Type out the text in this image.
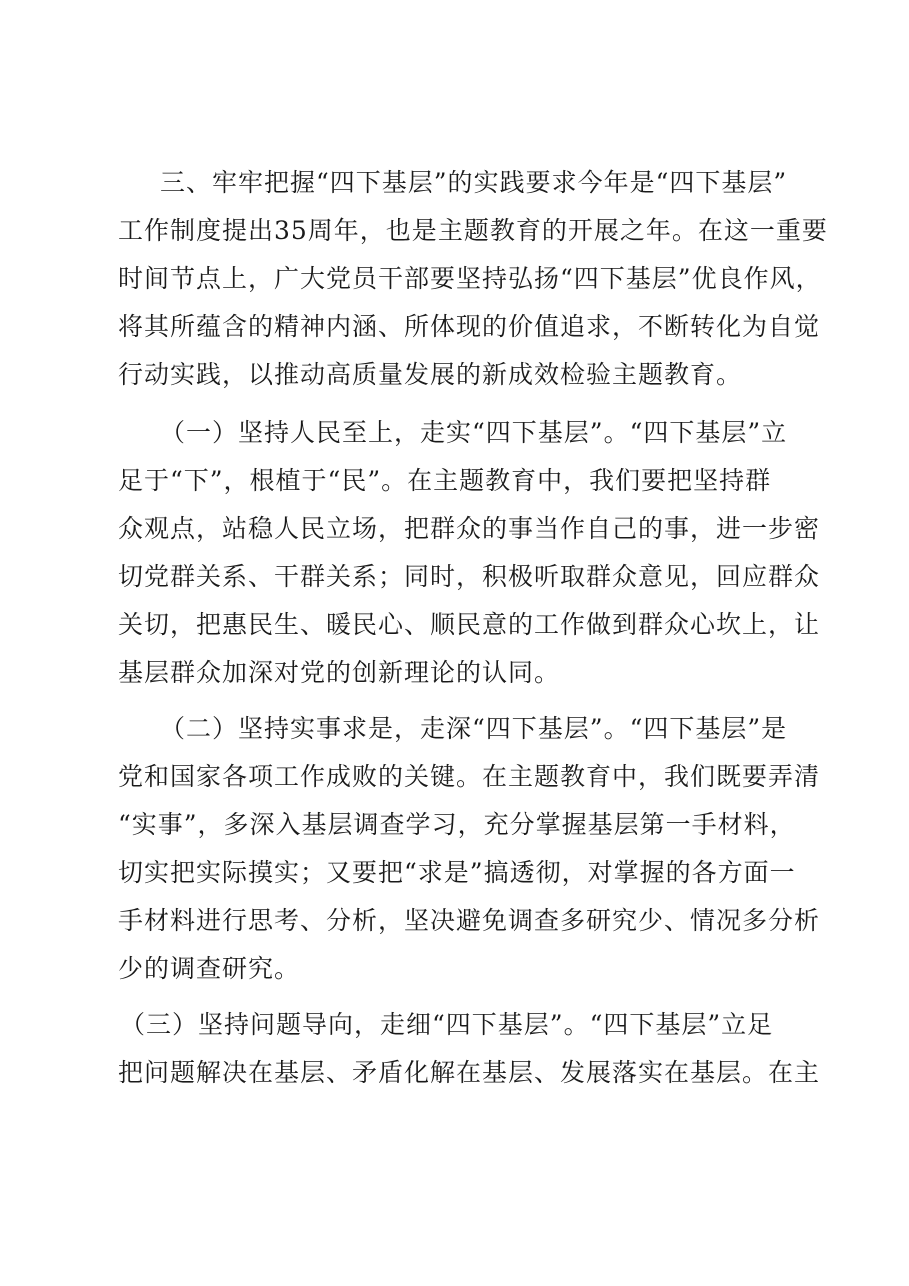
三、牢牢把握“四下基层”的实践要求今年是“四下基层”
工作制度提出35周年，也是主题教育的开展之年。在这一重要
时间节点上，广大党员干部要坚持弘扬“四下基层”优良作风，
将其所蕴含的精神内涵、所体现的价值追求，不断转化为自觉
行动实践，以推动高质量发展的新成效检验主题教育。
（一）坚持人民至上，走实“四下基层”。“四下基层”立
足于“下”，根植于“民”。在主题教育中，我们要把坚持群
众观点，站稳人民立场，把群众的事当作自己的事，进一步密
切党群关系、干群关系；同时，积极听取群众意见，回应群众
关切，把惠民生、暖民心、顺民意的工作做到群众心坎上，让
基层群众加深对党的创新理论的认同。
（二）坚持实事求是，走深“四下基层”。“四下基层”是
党和国家各项工作成败的关键。在主题教育中，我们既要弄清
“实事”，多深入基层调查学习，充分掌握基层第一手材料，
切实把实际摸实；又要把“求是”搞透彻，对掌握的各方面一
手材料进行思考、分析，坚决避免调查多研究少、情况多分析
少的调查研究。
（三）坚持问题导向，走细“四下基层”。“四下基层”立足
把问题解决在基层、矛盾化解在基层、发展落实在基层。在主
